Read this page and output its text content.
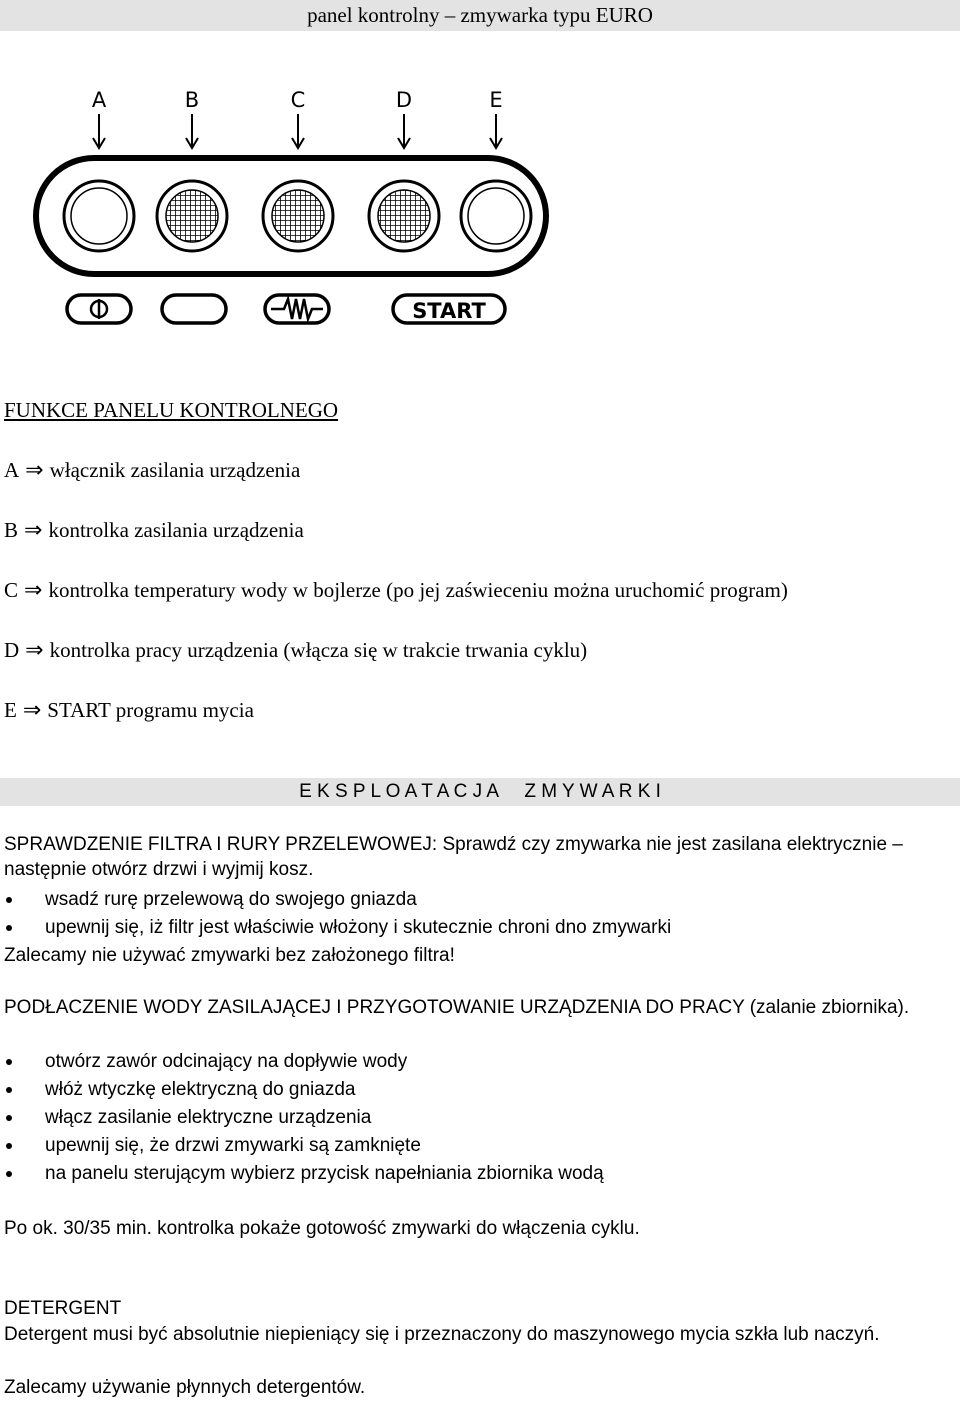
panel kontrolny – zmywarka typu EURO
A	B	C	D	E
START
FUNKCE PANELU KONTROLNEGO
A ⇒ włącznik zasilania urządzenia
B ⇒ kontrolka zasilania urządzenia
C ⇒ kontrolka temperatury wody w bojlerze (po jej zaświeceniu można uruchomić program)
D ⇒ kontrolka pracy urządzenia (włącza się w trakcie trwania cyklu)
E ⇒ START programu mycia
E K S P L O A T A C J A     Z M Y W A R K I
SPRAWDZENIE FILTRA I RURY PRZELEWOWEJ: Sprawdź czy zmywarka nie jest zasilana elektrycznie – następnie otwórz drzwi i wyjmij kosz.
wsadź rurę przelewową do swojego gniazda
upewnij się, iż filtr jest właściwie włożony i skutecznie chroni dno zmywarki
Zalecamy nie używać zmywarki bez założonego filtra!
PODŁACZENIE WODY ZASILAJĄCEJ I PRZYGOTOWANIE URZĄDZENIA DO PRACY (zalanie zbiornika).
otwórz zawór odcinający na dopływie wody
włóż wtyczkę elektryczną do gniazda
włącz zasilanie elektryczne urządzenia
upewnij się, że drzwi zmywarki są zamknięte
na panelu sterującym wybierz przycisk napełniania zbiornika wodą
Po ok. 30/35 min. kontrolka pokaże gotowość zmywarki do włączenia cyklu.
DETERGENT
Detergent musi być absolutnie niepieniący się i przeznaczony do maszynowego mycia szkła lub naczyń.
Zalecamy używanie płynnych detergentów.
